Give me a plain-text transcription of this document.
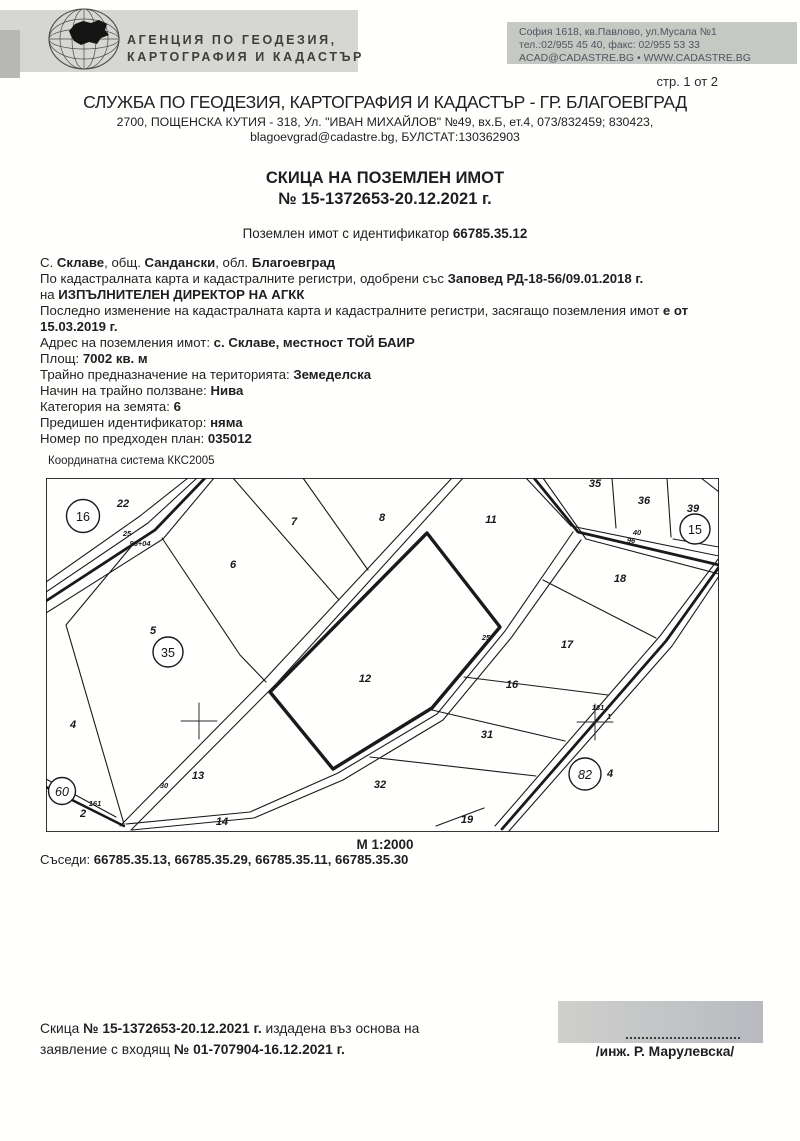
АГЕНЦИЯ ПО ГЕОДЕЗИЯ,
КАРТОГРАФИЯ И КАДАСТЪР
София 1618, кв.Павлово, ул.Мусала №1
тел.:02/955 45 40, факс: 02/955 53 33
ACAD@CADASTRE.BG • WWW.CADASTRE.BG
стр. 1 от 2
СЛУЖБА ПО ГЕОДЕЗИЯ, КАРТОГРАФИЯ И КАДАСТЪР - ГР. БЛАГОЕВГРАД
2700, ПОЩЕНСКА КУТИЯ - 318, Ул. "ИВАН МИХАЙЛОВ" №49, вх.Б, ет.4, 073/832459; 830423,
blagoevgrad@cadastre.bg, БУЛСТАТ:130362903
СКИЦА НА ПОЗЕМЛЕН ИМОТ
№ 15-1372653-20.12.2021 г.
Поземлен имот с идентификатор 66785.35.12
С. Склаве, общ. Сандански, обл. Благоевград
По кадастралната карта и кадастралните регистри, одобрени със Заповед РД-18-56/09.01.2018 г.
на ИЗПЪЛНИТЕЛЕН ДИРЕКТОР НА АГКК
Последно изменение на кадастралната карта и кадастралните регистри, засягащо поземления имот е от
15.03.2019 г.
Адрес на поземления имот: с. Склаве, местност ТОЙ БАИР
Площ: 7002 кв. м
Трайно предназначение на територията: Земеделска
Начин на трайно ползване: Нива
Категория на земята: 6
Предишен идентификатор: няма
Номер по предходен план: 035012
Координатна система ККС2005
16
35
15
60
82
22
7	8
6
5
11
35
36
39
18
17
16
31
12
13
4
32
14	19
2
4
25
96+04
40
96
25
30
161
181
1
М 1:2000
Съседи: 66785.35.13, 66785.35.29, 66785.35.11, 66785.35.30
Скица № 15-1372653-20.12.2021 г. издадена въз основа на
заявление с входящ № 01-707904-16.12.2021 г.	/инж. Р. Марулевска/
